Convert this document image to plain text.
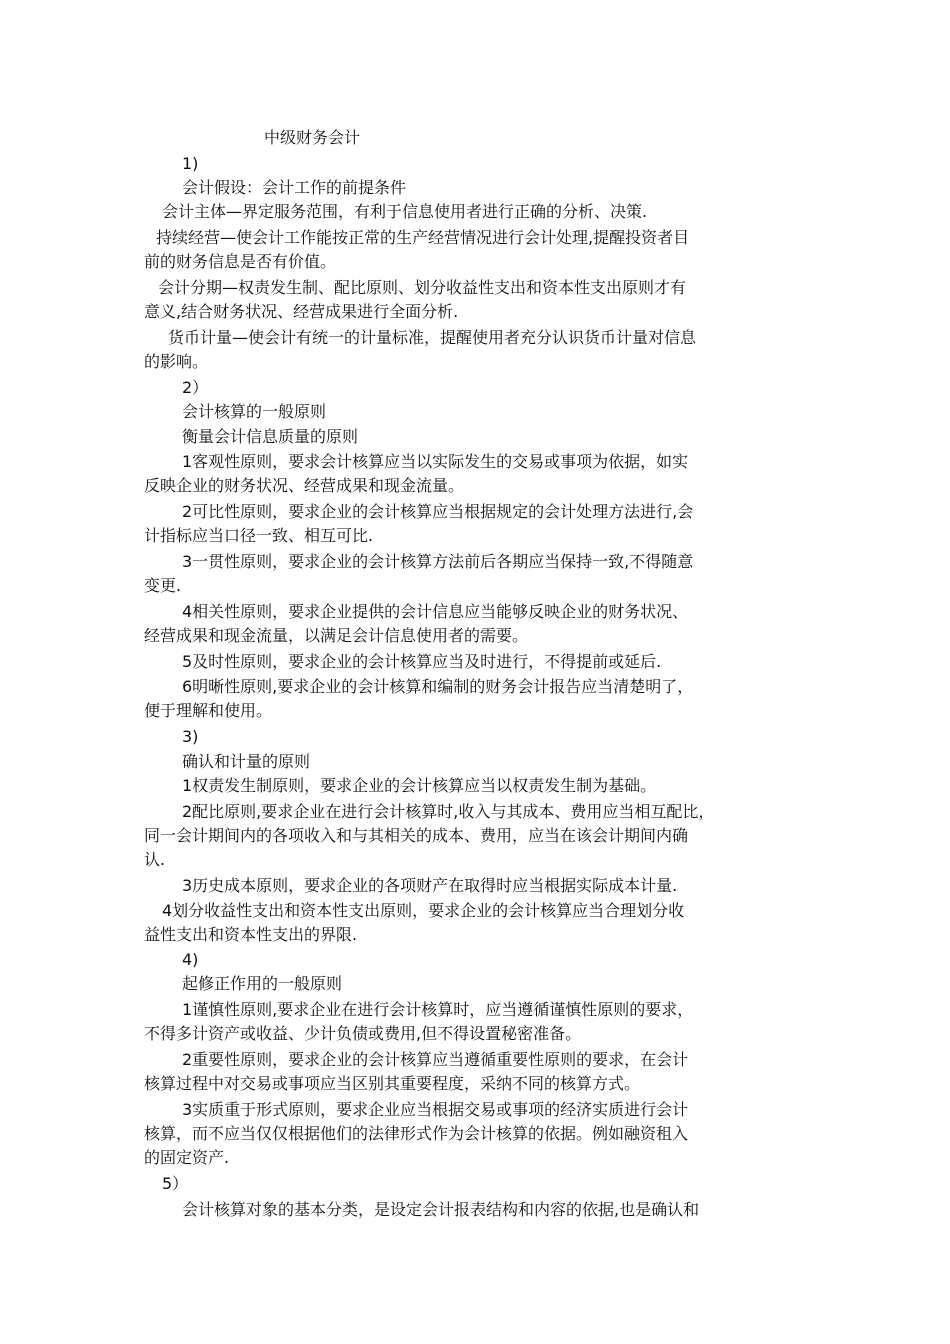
中级财务会计
1)
会计假设：会计工作的前提条件
会计主体—界定服务范围，有利于信息使用者进行正确的分析、决策.
持续经营—使会计工作能按正常的生产经营情况进行会计处理,提醒投资者目
前的财务信息是否有价值。
会计分期—权责发生制、配比原则、划分收益性支出和资本性支出原则才有
意义,结合财务状况、经营成果进行全面分析.
货币计量—使会计有统一的计量标准，提醒使用者充分认识货币计量对信息
的影响。
2）
会计核算的一般原则
衡量会计信息质量的原则
1客观性原则，要求会计核算应当以实际发生的交易或事项为依据，如实
反映企业的财务状况、经营成果和现金流量。
2可比性原则，要求企业的会计核算应当根据规定的会计处理方法进行,会
计指标应当口径一致、相互可比.
3一贯性原则，要求企业的会计核算方法前后各期应当保持一致,不得随意
变更.
4相关性原则，要求企业提供的会计信息应当能够反映企业的财务状况、
经营成果和现金流量，以满足会计信息使用者的需要。
5及时性原则，要求企业的会计核算应当及时进行，不得提前或延后.
6明晰性原则,要求企业的会计核算和编制的财务会计报告应当清楚明了，
便于理解和使用。
3)
确认和计量的原则
1权责发生制原则，要求企业的会计核算应当以权责发生制为基础。
2配比原则,要求企业在进行会计核算时,收入与其成本、费用应当相互配比，
同一会计期间内的各项收入和与其相关的成本、费用，应当在该会计期间内确
认.
3历史成本原则，要求企业的各项财产在取得时应当根据实际成本计量.
4划分收益性支出和资本性支出原则，要求企业的会计核算应当合理划分收
益性支出和资本性支出的界限.
4)
起修正作用的一般原则
1谨慎性原则,要求企业在进行会计核算时，应当遵循谨慎性原则的要求，
不得多计资产或收益、少计负债或费用,但不得设置秘密准备。
2重要性原则，要求企业的会计核算应当遵循重要性原则的要求，在会计
核算过程中对交易或事项应当区别其重要程度，采纳不同的核算方式。
3实质重于形式原则，要求企业应当根据交易或事项的经济实质进行会计
核算，而不应当仅仅根据他们的法律形式作为会计核算的依据。例如融资租入
的固定资产.
5）
会计核算对象的基本分类，是设定会计报表结构和内容的依据,也是确认和
